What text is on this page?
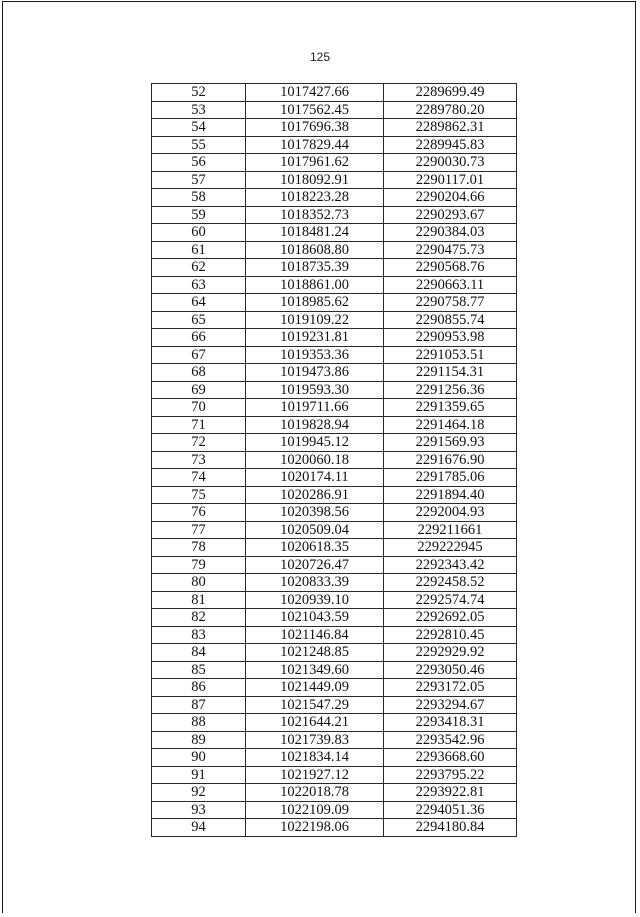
125
52	1017427.66	2289699.49
53	1017562.45	2289780.20
54	1017696.38	2289862.31
55	1017829.44	2289945.83
56	1017961.62	2290030.73
57	1018092.91	2290117.01
58	1018223.28	2290204.66
59	1018352.73	2290293.67
60	1018481.24	2290384.03
61	1018608.80	2290475.73
62	1018735.39	2290568.76
63	1018861.00	2290663.11
64	1018985.62	2290758.77
65	1019109.22	2290855.74
66	1019231.81	2290953.98
67	1019353.36	2291053.51
68	1019473.86	2291154.31
69	1019593.30	2291256.36
70	1019711.66	2291359.65
71	1019828.94	2291464.18
72	1019945.12	2291569.93
73	1020060.18	2291676.90
74	1020174.11	2291785.06
75	1020286.91	2291894.40
76	1020398.56	2292004.93
77	1020509.04	229211661
78	1020618.35	229222945
79	1020726.47	2292343.42
80	1020833.39	2292458.52
81	1020939.10	2292574.74
82	1021043.59	2292692.05
83	1021146.84	2292810.45
84	1021248.85	2292929.92
85	1021349.60	2293050.46
86	1021449.09	2293172.05
87	1021547.29	2293294.67
88	1021644.21	2293418.31
89	1021739.83	2293542.96
90	1021834.14	2293668.60
91	1021927.12	2293795.22
92	1022018.78	2293922.81
93	1022109.09	2294051.36
94	1022198.06	2294180.84
